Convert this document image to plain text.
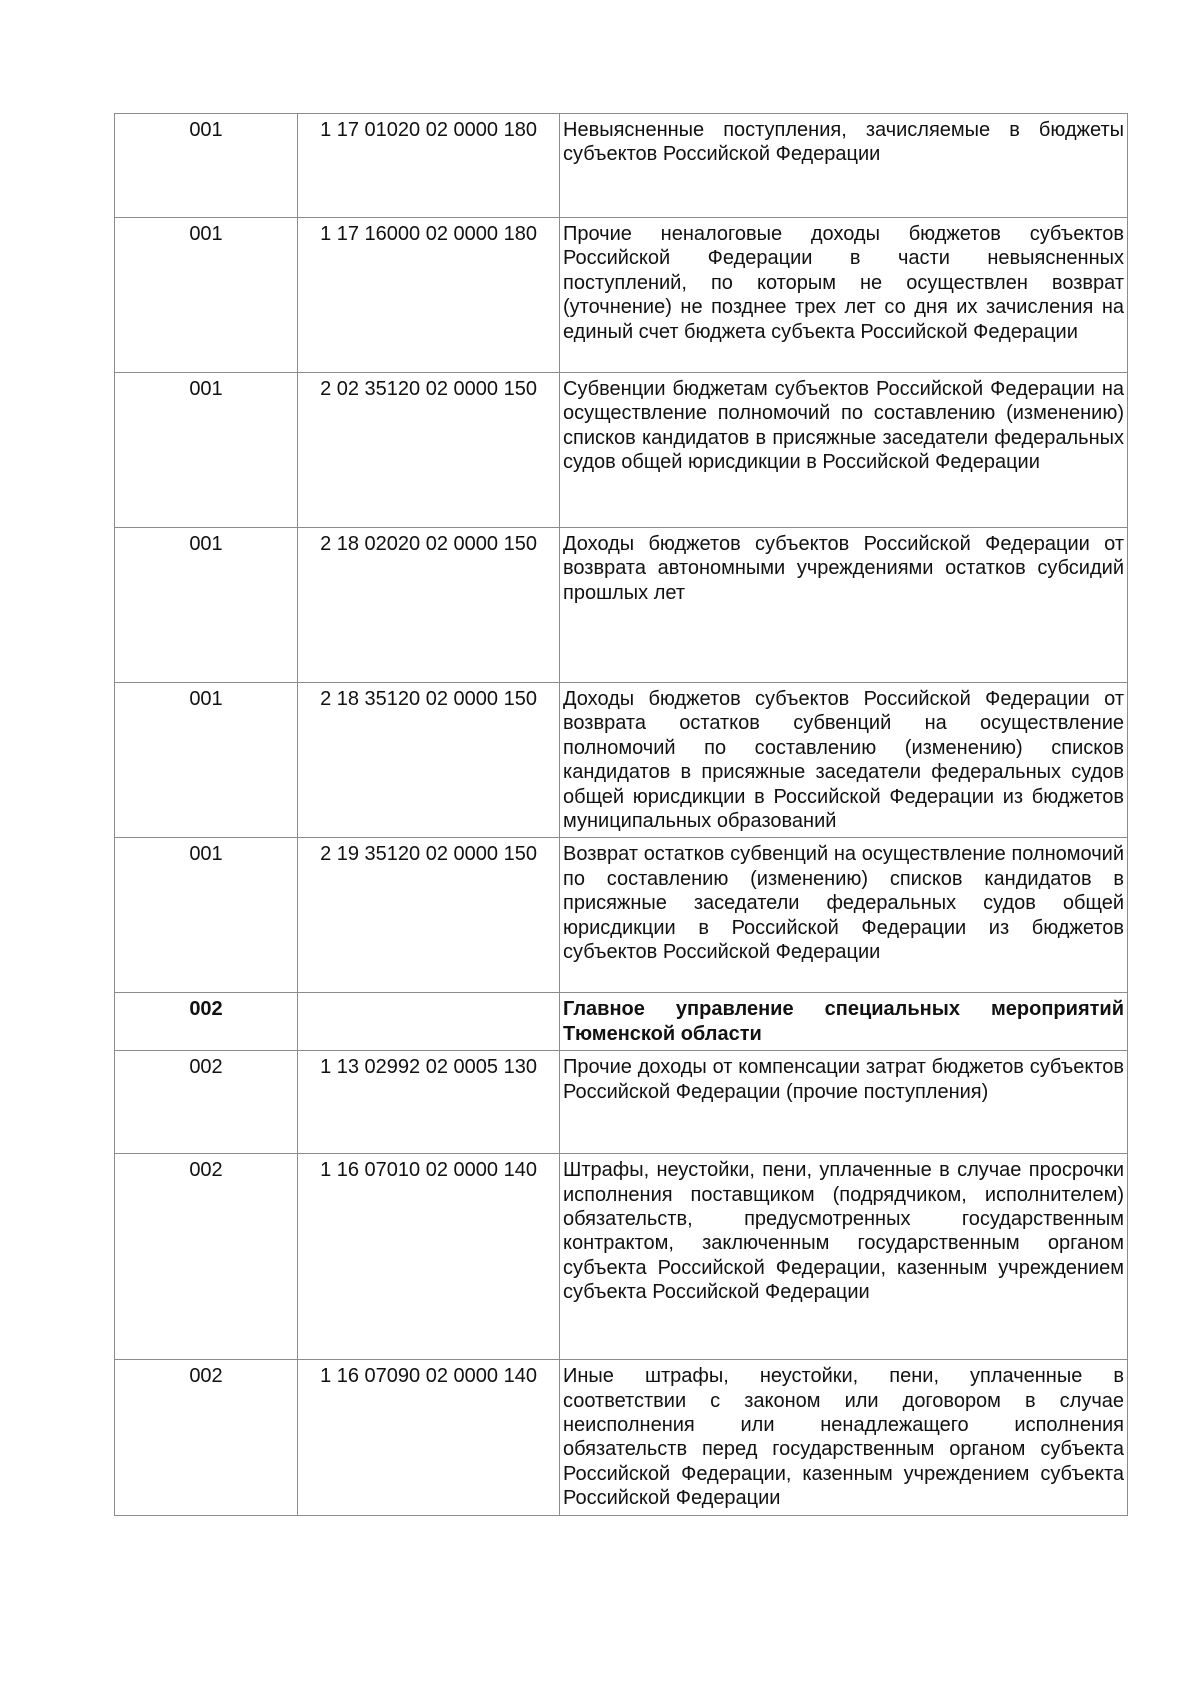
001	1 17 01020 02 0000 180	Невыясненные поступления, зачисляемые в бюджеты субъектов Российской Федерации
001	1 17 16000 02 0000 180	Прочие неналоговые доходы бюджетов субъектов Российской Федерации в части невыясненных поступлений, по которым не осуществлен возврат (уточнение) не позднее трех лет со дня их зачисления на единый счет бюджета субъекта Российской Федерации
001	2 02 35120 02 0000 150	Субвенции бюджетам субъектов Российской Федерации на осуществление полномочий по составлению (изменению) списков кандидатов в присяжные заседатели федеральных судов общей юрисдикции в Российской Федерации
001	2 18 02020 02 0000 150	Доходы бюджетов субъектов Российской Федерации от возврата автономными учреждениями остатков субсидий прошлых лет
001	2 18 35120 02 0000 150	Доходы бюджетов субъектов Российской Федерации от возврата остатков субвенций на осуществление полномочий по составлению (изменению) списков кандидатов в присяжные заседатели федеральных судов общей юрисдикции в Российской Федерации из бюджетов муниципальных образований
001	2 19 35120 02 0000 150	Возврат остатков субвенций на осуществление полномочий по составлению (изменению) списков кандидатов в присяжные заседатели федеральных судов общей юрисдикции в Российской Федерации из бюджетов субъектов Российской Федерации
002		Главное управление специальных мероприятий Тюменской области
002	1 13 02992 02 0005 130	Прочие доходы от компенсации затрат бюджетов субъектов Российской Федерации (прочие поступления)
002	1 16 07010 02 0000 140	Штрафы, неустойки, пени, уплаченные в случае просрочки исполнения поставщиком (подрядчиком, исполнителем) обязательств, предусмотренных государственным контрактом, заключенным государственным органом субъекта Российской Федерации, казенным учреждением субъекта Российской Федерации
002	1 16 07090 02 0000 140	Иные штрафы, неустойки, пени, уплаченные в соответствии с законом или договором в случае неисполнения или ненадлежащего исполнения обязательств перед государственным органом субъекта Российской Федерации, казенным учреждением субъекта Российской Федерации
